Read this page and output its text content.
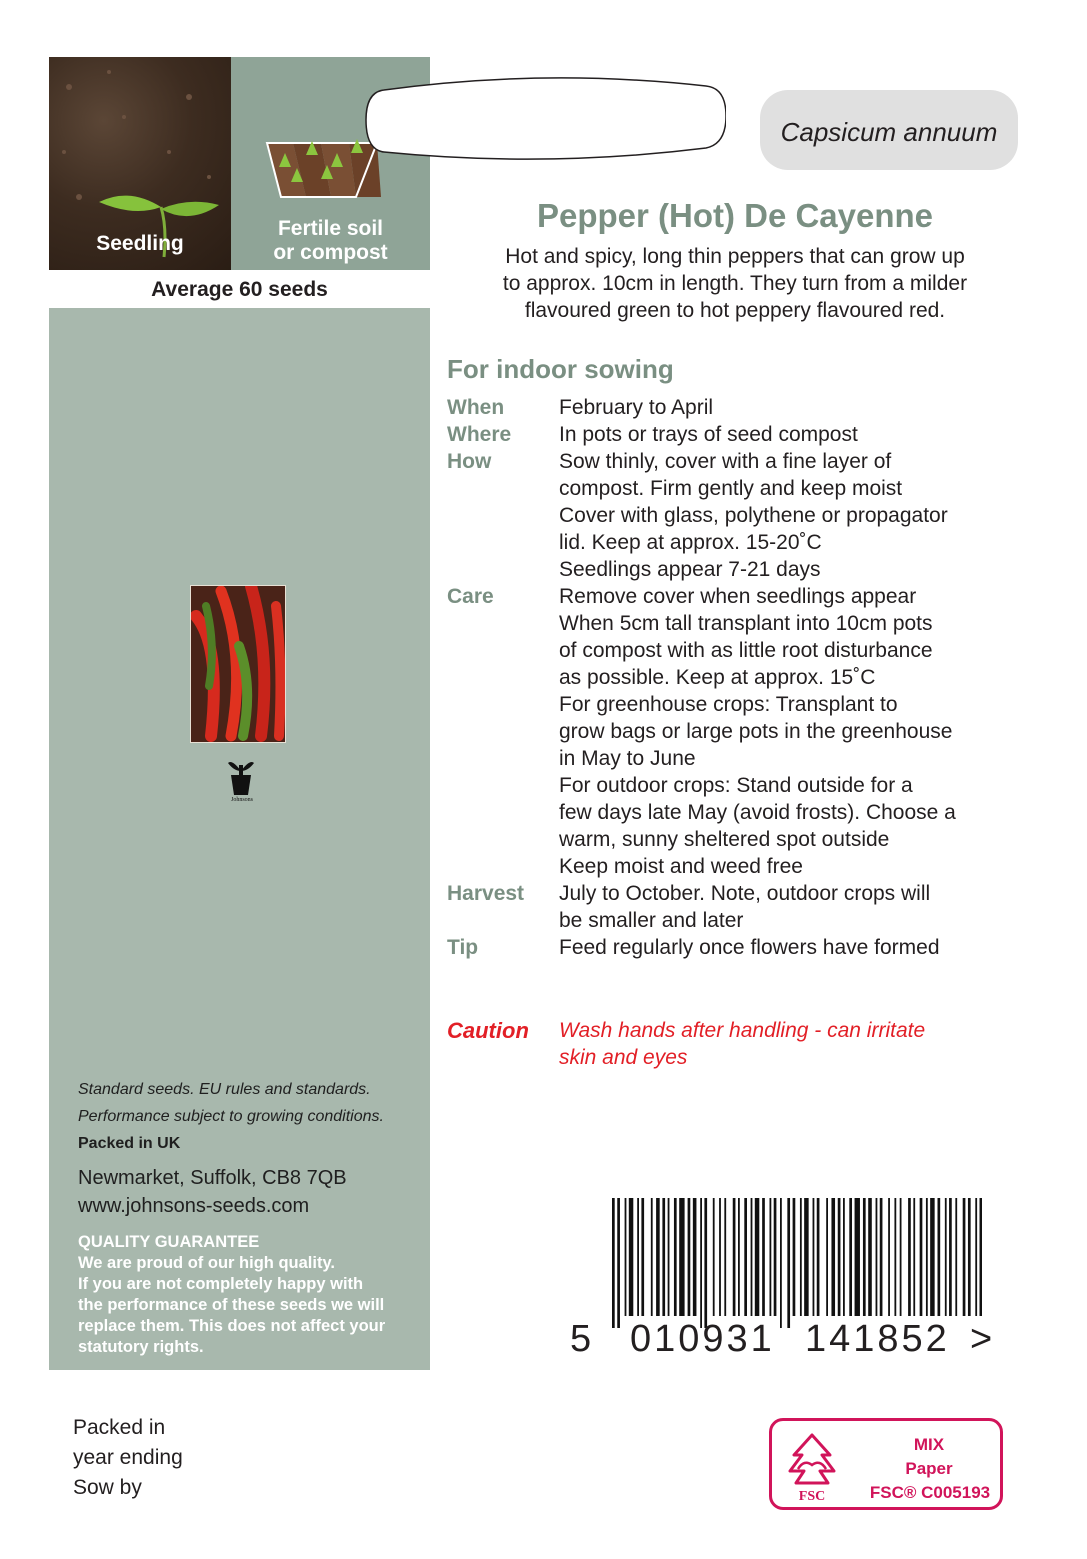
Seedling
Fertile soil
or compost
Average 60 seeds
Johnsons
Standard seeds. EU rules and standards.
Performance subject to growing conditions.
Packed in UK
Newmarket, Suffolk, CB8 7QB
www.johnsons-seeds.com
QUALITY GUARANTEE
We are proud of our high quality.
If you are not completely happy with
the performance of these seeds we will
replace them. This does not affect your
statutory rights.
Packed in
year ending
Sow by
Capsicum annuum
Pepper (Hot) De Cayenne
Hot and spicy, long thin peppers that can grow up
to approx. 10cm in length. They turn from a milder
flavoured green to hot peppery flavoured red.
For indoor sowing
When	February to April
Where	In pots or trays of seed compost
How	Sow thinly, cover with a fine layer of
compost. Firm gently and keep moist
Cover with glass, polythene or propagator
lid. Keep at approx. 15-20˚C
Seedlings appear 7-21 days
Care	Remove cover when seedlings appear
When 5cm tall transplant into 10cm pots
of compost with as little root disturbance
as possible. Keep at approx. 15˚C
For greenhouse crops: Transplant to
grow bags or large pots in the greenhouse
in May to June
For outdoor crops: Stand outside for a
few days late May (avoid frosts). Choose a
warm, sunny sheltered spot outside
Keep moist and weed free
Harvest	July to October. Note, outdoor crops will
be smaller and later
Tip	Feed regularly once flowers have formed
Caution	Wash hands after handling - can irritate
skin and eyes
5 010931 141852 >
FSC
MIX
Paper
FSC® C005193
